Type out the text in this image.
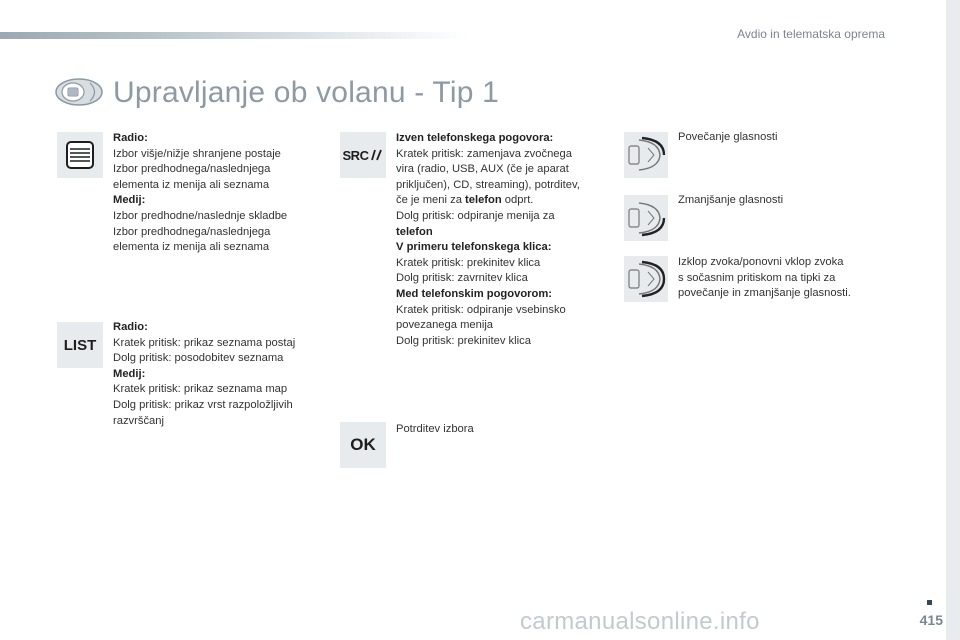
Avdio in telematska oprema
Upravljanje ob volanu - Tip 1
Radio:
Izbor višje/nižje shranjene postaje
Izbor predhodnega/naslednjega
elementa iz menija ali seznama
Medij:
Izbor predhodne/naslednje skladbe
Izbor predhodnega/naslednjega
elementa iz menija ali seznama
LIST
Radio:
Kratek pritisk: prikaz seznama postaj
Dolg pritisk: posodobitev seznama
Medij:
Kratek pritisk: prikaz seznama map
Dolg pritisk: prikaz vrst razpoložljivih
razvrščanj
SRC
Izven telefonskega pogovora:
Kratek pritisk: zamenjava zvočnega
vira (radio, USB, AUX (če je aparat
priključen), CD, streaming), potrditev,
če je meni za telefon odprt.
Dolg pritisk: odpiranje menija za
telefon
V primeru telefonskega klica:
Kratek pritisk: prekinitev klica
Dolg pritisk: zavrnitev klica
Med telefonskim pogovorom:
Kratek pritisk: odpiranje vsebinsko
povezanega menija
Dolg pritisk: prekinitev klica
OK
Potrditev izbora
Povečanje glasnosti
Zmanjšanje glasnosti
Izklop zvoka/ponovni vklop zvoka
s sočasnim pritiskom na tipki za
povečanje in zmanjšanje glasnosti.
carmanualsonline.info	415
